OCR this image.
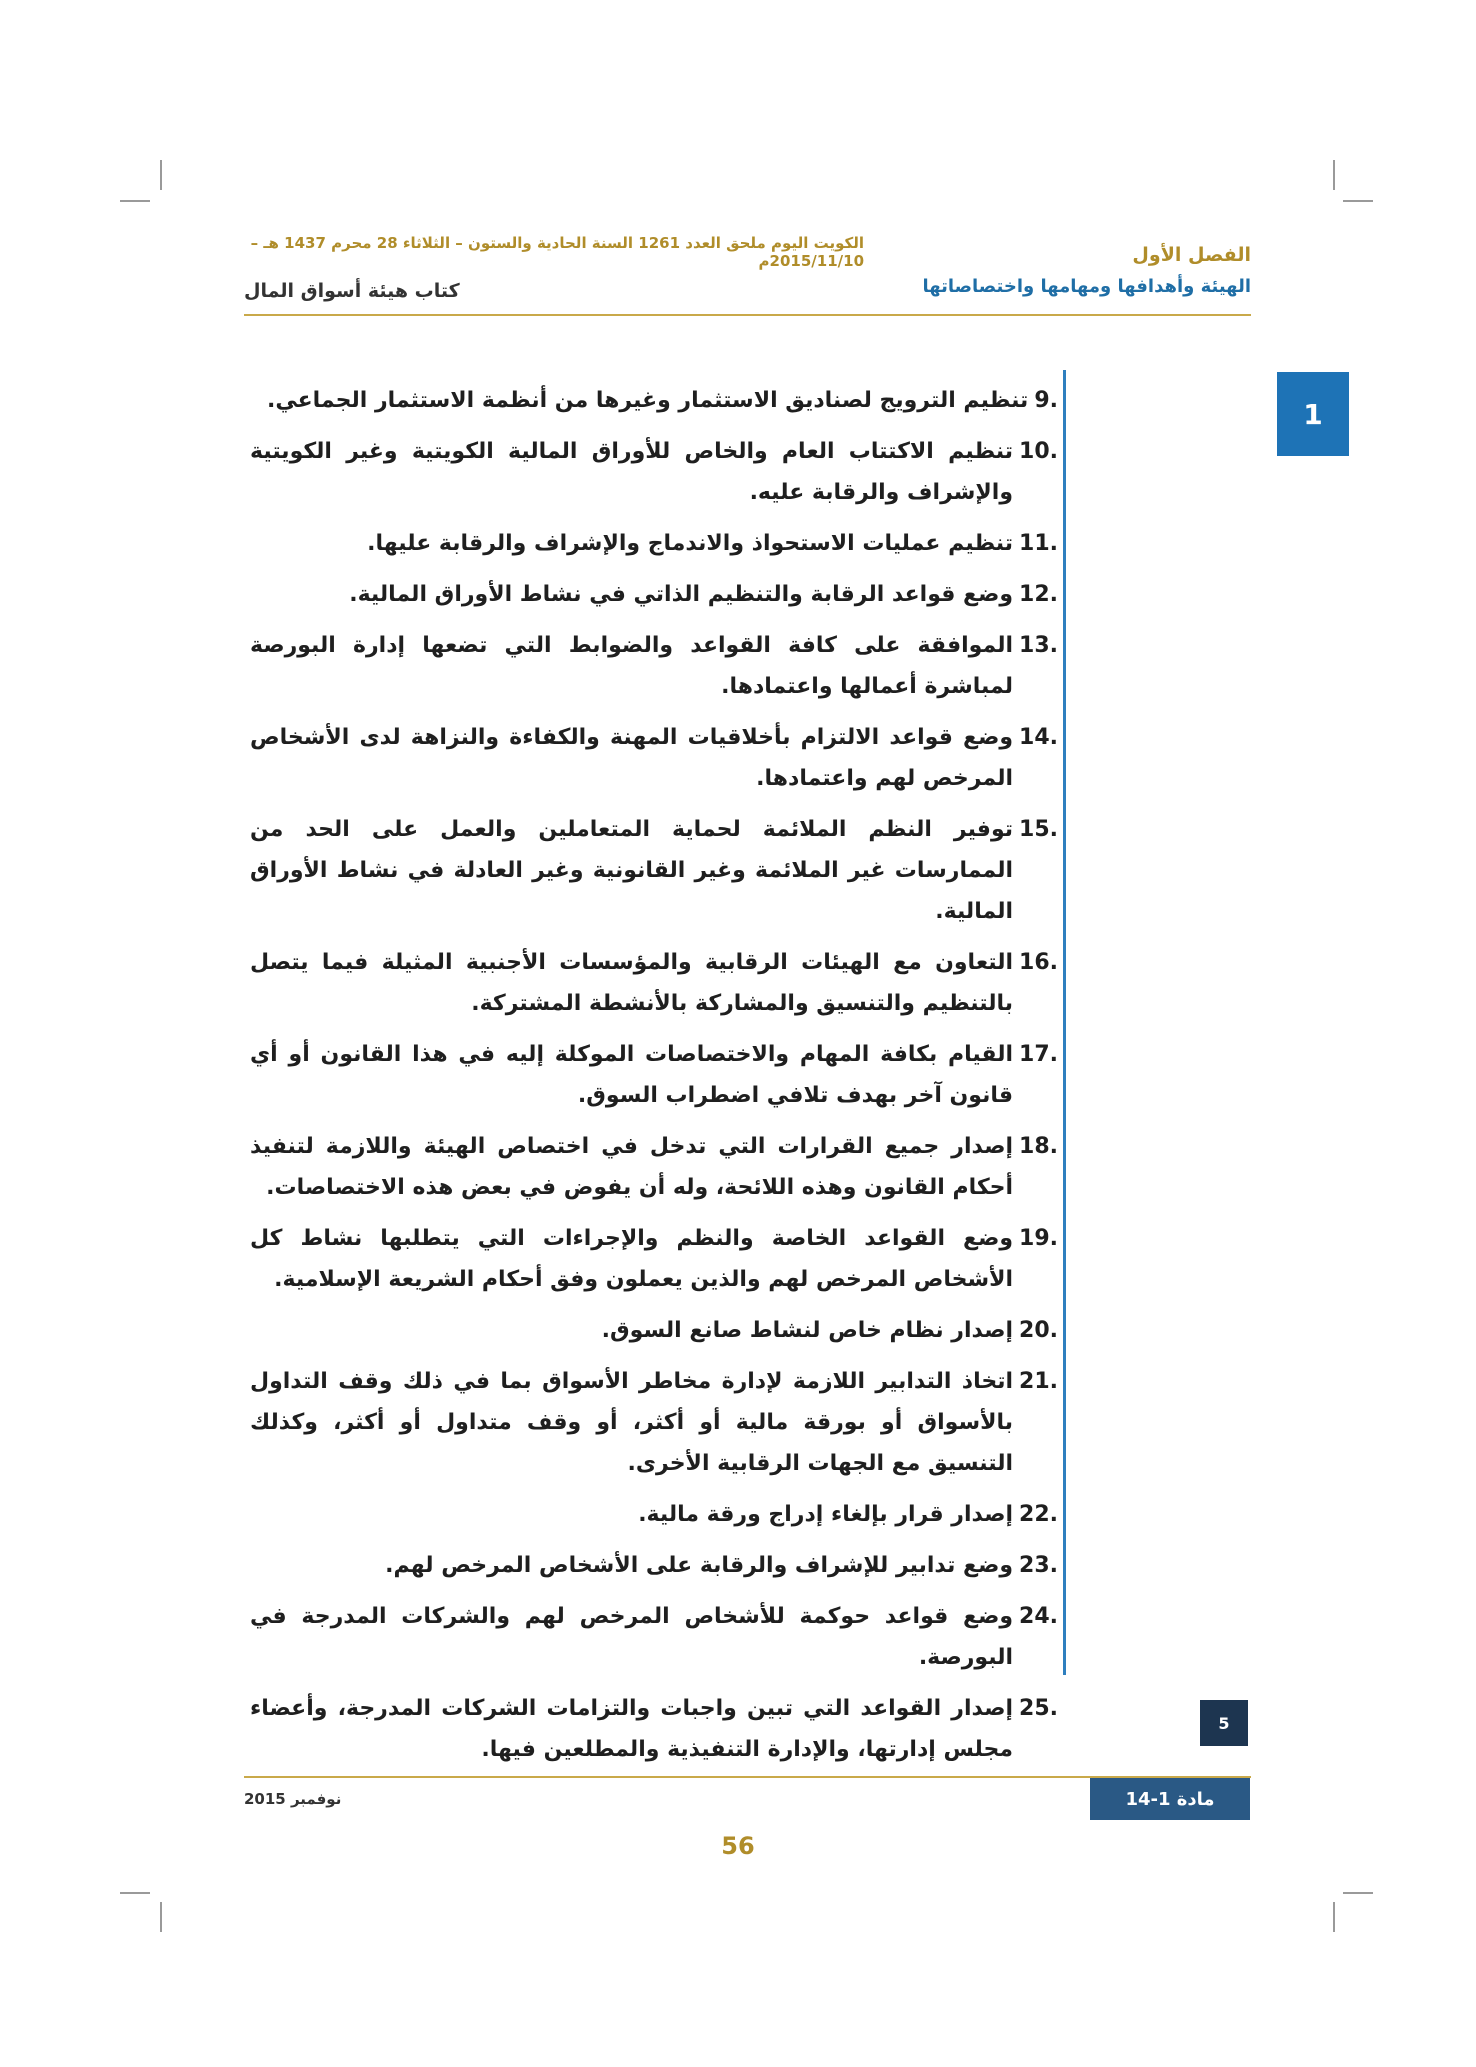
الكويت اليوم ملحق العدد 1261 السنة الحادية والستون – الثلاثاء 28 محرم 1437 هـ – 2015/11/10م
كتاب هيئة أسواق المال
الفصل الأول
الهيئة وأهدافها ومهامها واختصاصاتها
1
.9
تنظيم الترويج لصناديق الاستثمار وغيرها من أنظمة الاستثمار الجماعي.
.10
تنظيم الاكتتاب العام والخاص للأوراق المالية الكويتية وغير الكويتية والإشراف والرقابة عليه.
.11
تنظيم عمليات الاستحواذ والاندماج والإشراف والرقابة عليها.
.12
وضع قواعد الرقابة والتنظيم الذاتي في نشاط الأوراق المالية.
.13
الموافقة على كافة القواعد والضوابط التي تضعها إدارة البورصة لمباشرة أعمالها واعتمادها.
.14
وضع قواعد الالتزام بأخلاقيات المهنة والكفاءة والنزاهة لدى الأشخاص المرخص لهم واعتمادها.
.15
توفير النظم الملائمة لحماية المتعاملين والعمل على الحد من الممارسات غير الملائمة وغير القانونية وغير العادلة في نشاط الأوراق المالية.
.16
التعاون مع الهيئات الرقابية والمؤسسات الأجنبية المثيلة فيما يتصل بالتنظيم والتنسيق والمشاركة بالأنشطة المشتركة.
.17
القيام بكافة المهام والاختصاصات الموكلة إليه في هذا القانون أو أي قانون آخر بهدف تلافي اضطراب السوق.
.18
إصدار جميع القرارات التي تدخل في اختصاص الهيئة واللازمة لتنفيذ أحكام القانون وهذه اللائحة، وله أن يفوض في بعض هذه الاختصاصات.
.19
وضع القواعد الخاصة والنظم والإجراءات التي يتطلبها نشاط كل الأشخاص المرخص لهم والذين يعملون وفق أحكام الشريعة الإسلامية.
.20
إصدار نظام خاص لنشاط صانع السوق.
.21
اتخاذ التدابير اللازمة لإدارة مخاطر الأسواق بما في ذلك وقف التداول بالأسواق أو بورقة مالية أو أكثر، أو وقف متداول أو أكثر، وكذلك التنسيق مع الجهات الرقابية الأخرى.
.22
إصدار قرار بإلغاء إدراج ورقة مالية.
.23
وضع تدابير للإشراف والرقابة على الأشخاص المرخص لهم.
.24
وضع قواعد حوكمة للأشخاص المرخص لهم والشركات المدرجة في البورصة.
.25
إصدار القواعد التي تبين واجبات والتزامات الشركات المدرجة، وأعضاء مجلس إدارتها، والإدارة التنفيذية والمطلعين فيها.
5
نوفمبر 2015	مادة 1-14
56
